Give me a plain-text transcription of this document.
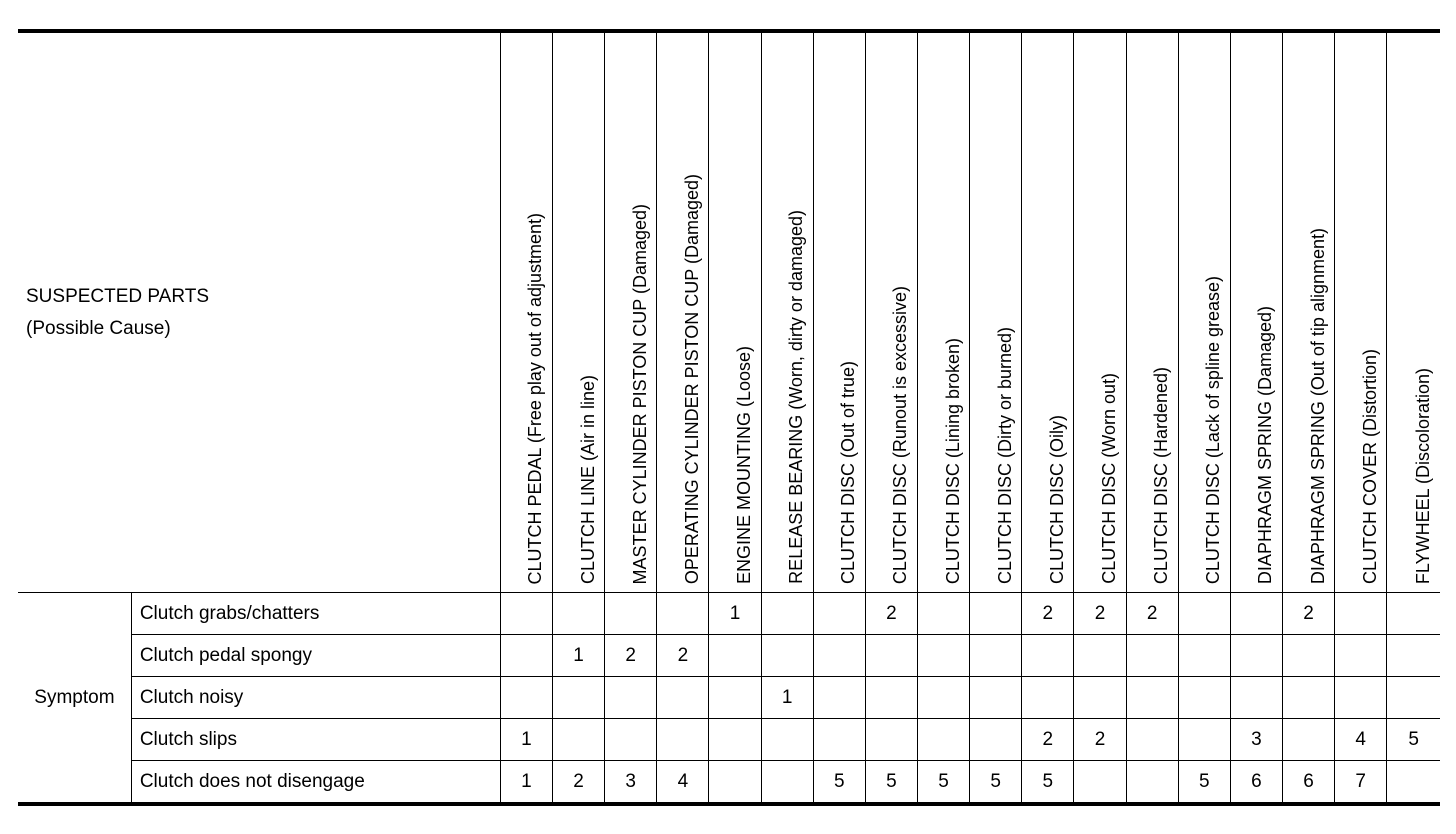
SUSPECTED PARTS
(Possible Cause)		CLUTCH PEDAL (Free play out of adjustment)	CLUTCH LINE (Air in line)	MASTER CYLINDER PISTON CUP (Damaged)	OPERATING CYLINDER PISTON CUP (Damaged)	ENGINE MOUNTING (Loose)	RELEASE BEARING (Worn, dirty or damaged)	CLUTCH DISC (Out of true)	CLUTCH DISC (Runout is excessive)	CLUTCH DISC (Lining broken)	CLUTCH DISC (Dirty or burned)	CLUTCH DISC (Oily)	CLUTCH DISC (Worn out)	CLUTCH DISC (Hardened)	CLUTCH DISC (Lack of spline grease)	DIAPHRAGM SPRING (Damaged)	DIAPHRAGM SPRING (Out of tip alignment)	CLUTCH COVER (Distortion)	FLYWHEEL (Discoloration)

Symptom	Clutch grabs/chatters					1			2			2	2	2			2		
	Clutch pedal spongy		1	2	2														
	Clutch noisy						1												
	Clutch slips	1										2	2			3		4	5
	Clutch does not disengage	1	2	3	4			5	5	5	5	5			5	6	6	7	
